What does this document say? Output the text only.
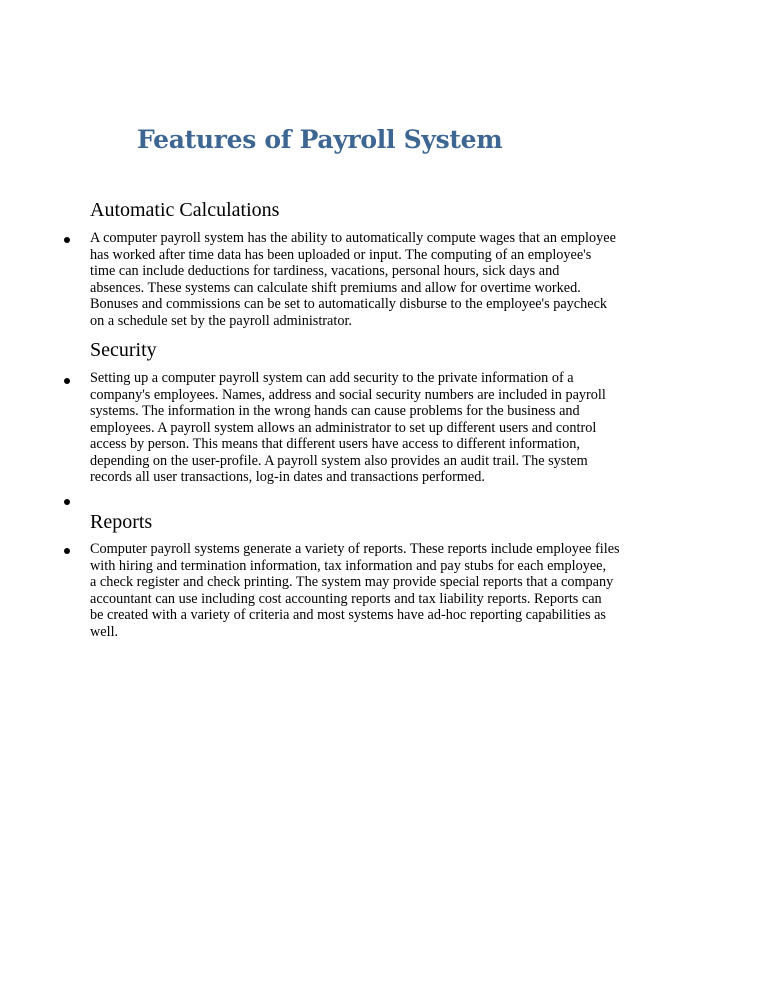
Features of Payroll System
Automatic Calculations

A computer payroll system has the ability to automatically compute wages that an employee
has worked after time data has been uploaded or input. The computing of an employee's
time can include deductions for tardiness, vacations, personal hours, sick days and
absences. These systems can calculate shift premiums and allow for overtime worked.
Bonuses and commissions can be set to automatically disburse to the employee's paycheck
on a schedule set by the payroll administrator.

Security

Setting up a computer payroll system can add security to the private information of a
company's employees. Names, address and social security numbers are included in payroll
systems. The information in the wrong hands can cause problems for the business and
employees. A payroll system allows an administrator to set up different users and control
access by person. This means that different users have access to different information,
depending on the user-profile. A payroll system also provides an audit trail. The system
records all user transactions, log-in dates and transactions performed.

Reports

Computer payroll systems generate a variety of reports. These reports include employee files
with hiring and termination information, tax information and pay stubs for each employee,
a check register and check printing. The system may provide special reports that a company
accountant can use including cost accounting reports and tax liability reports. Reports can
be created with a variety of criteria and most systems have ad-hoc reporting capabilities as
well.
